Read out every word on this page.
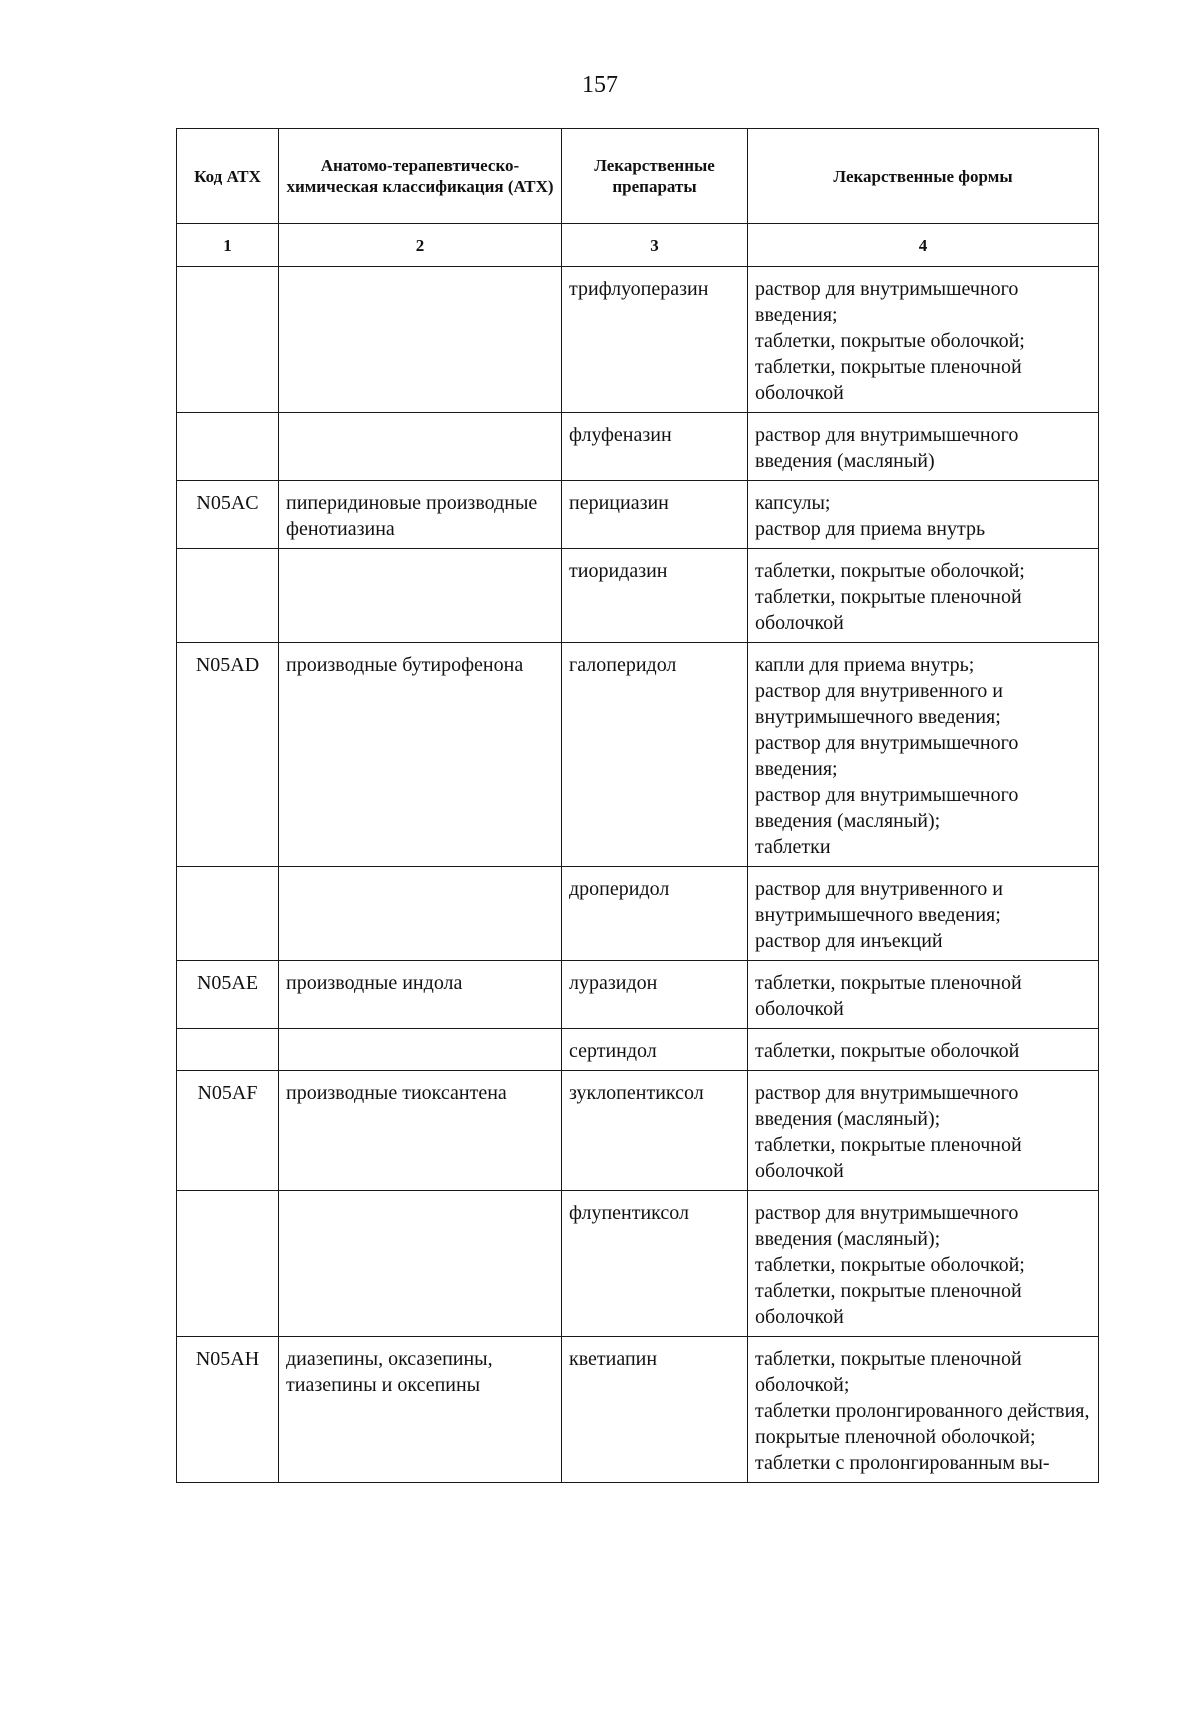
157
Код АТХ	Анатомо-терапевтическо-химическая классификация (АТХ)	Лекарственные препараты	Лекарственные формы
1	2	3	4
		трифлуоперазин	раствор для внутримышечного введения;
таблетки, покрытые оболочкой;
таблетки, покрытые пленочной оболочкой
		флуфеназин	раствор для внутримышечного введения (масляный)
N05AC	пиперидиновые производные фенотиазина	перициазин	капсулы;
раствор для приема внутрь
		тиоридазин	таблетки, покрытые оболочкой;
таблетки, покрытые пленочной оболочкой
N05AD	производные бутирофенона	галоперидол	капли для приема внутрь;
раствор для внутривенного и внутримышечного введения;
раствор для внутримышечного введения;
раствор для внутримышечного введения (масляный);
таблетки
		дроперидол	раствор для внутривенного и внутримышечного введения;
раствор для инъекций
N05AE	производные индола	луразидон	таблетки, покрытые пленочной оболочкой
		сертиндол	таблетки, покрытые оболочкой
N05AF	производные тиоксантена	зуклопентиксол	раствор для внутримышечного введения (масляный);
таблетки, покрытые пленочной оболочкой
		флупентиксол	раствор для внутримышечного введения (масляный);
таблетки, покрытые оболочкой;
таблетки, покрытые пленочной оболочкой
N05AH	диазепины, оксазепины, тиазепины и оксепины	кветиапин	таблетки, покрытые пленочной оболочкой;
таблетки пролонгированного действия, покрытые пленочной оболочкой;
таблетки с пролонгированным вы-
